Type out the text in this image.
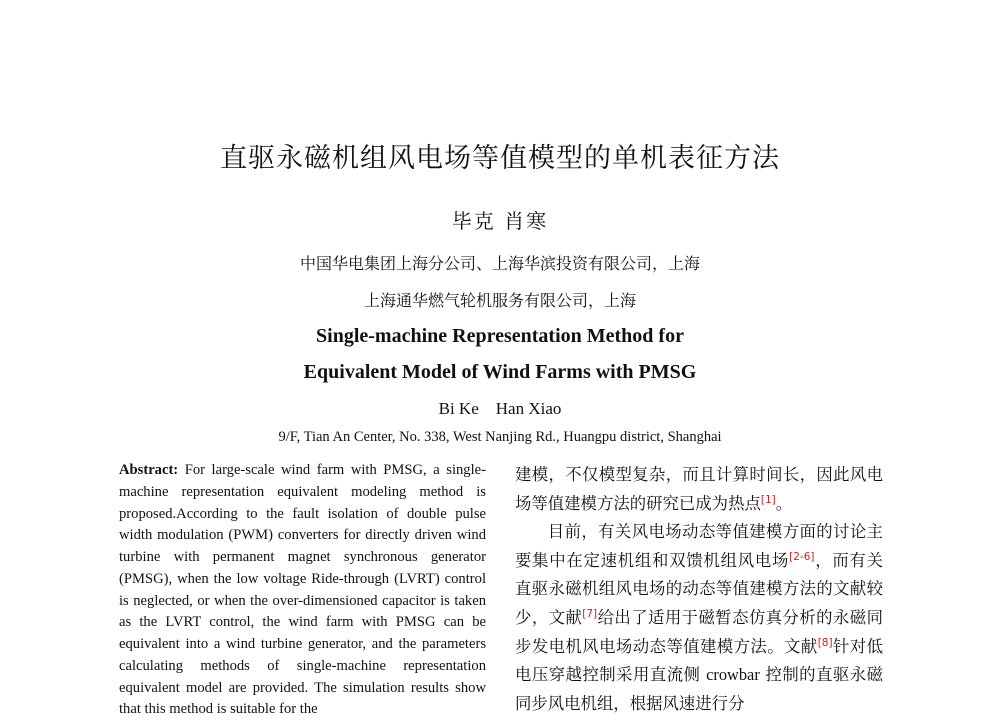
直驱永磁机组风电场等值模型的单机表征方法
毕克 肖寒
中国华电集团上海分公司、上海华滨投资有限公司，上海
上海通华燃气轮机服务有限公司，上海
Single-machine Representation Method for
Equivalent Model of Wind Farms with PMSG
Bi Ke    Han Xiao
9/F, Tian An Center, No. 338, West Nanjing Rd., Huangpu district, Shanghai
Abstract: For large-scale wind farm with PMSG, a single-machine representation equivalent modeling method is proposed.According to the fault isolation of double pulse width modulation (PWM) converters for directly driven wind turbine with permanent magnet synchronous generator (PMSG), when the low voltage Ride-through (LVRT) control is neglected, or when the over-dimensioned capacitor is taken as the LVRT control, the wind farm with PMSG can be equivalent into a wind turbine generator, and the parameters calculating methods of single-machine representation equivalent model are provided. The simulation results show that this method is suitable for the

建模，不仅模型复杂，而且计算时间长，因此风电场等值建模方法的研究已成为热点[1]。

目前，有关风电场动态等值建模方面的讨论主要集中在定速机组和双馈机组风电场[2-6]，而有关直驱永磁机组风电场的动态等值建模方法的文献较少，文献[7]给出了适用于磁暂态仿真分析的永磁同步发电机风电场动态等值建模方法。文献[8]针对低电压穿越控制采用直流侧 crowbar 控制的直驱永磁同步风电机组，根据风速进行分
